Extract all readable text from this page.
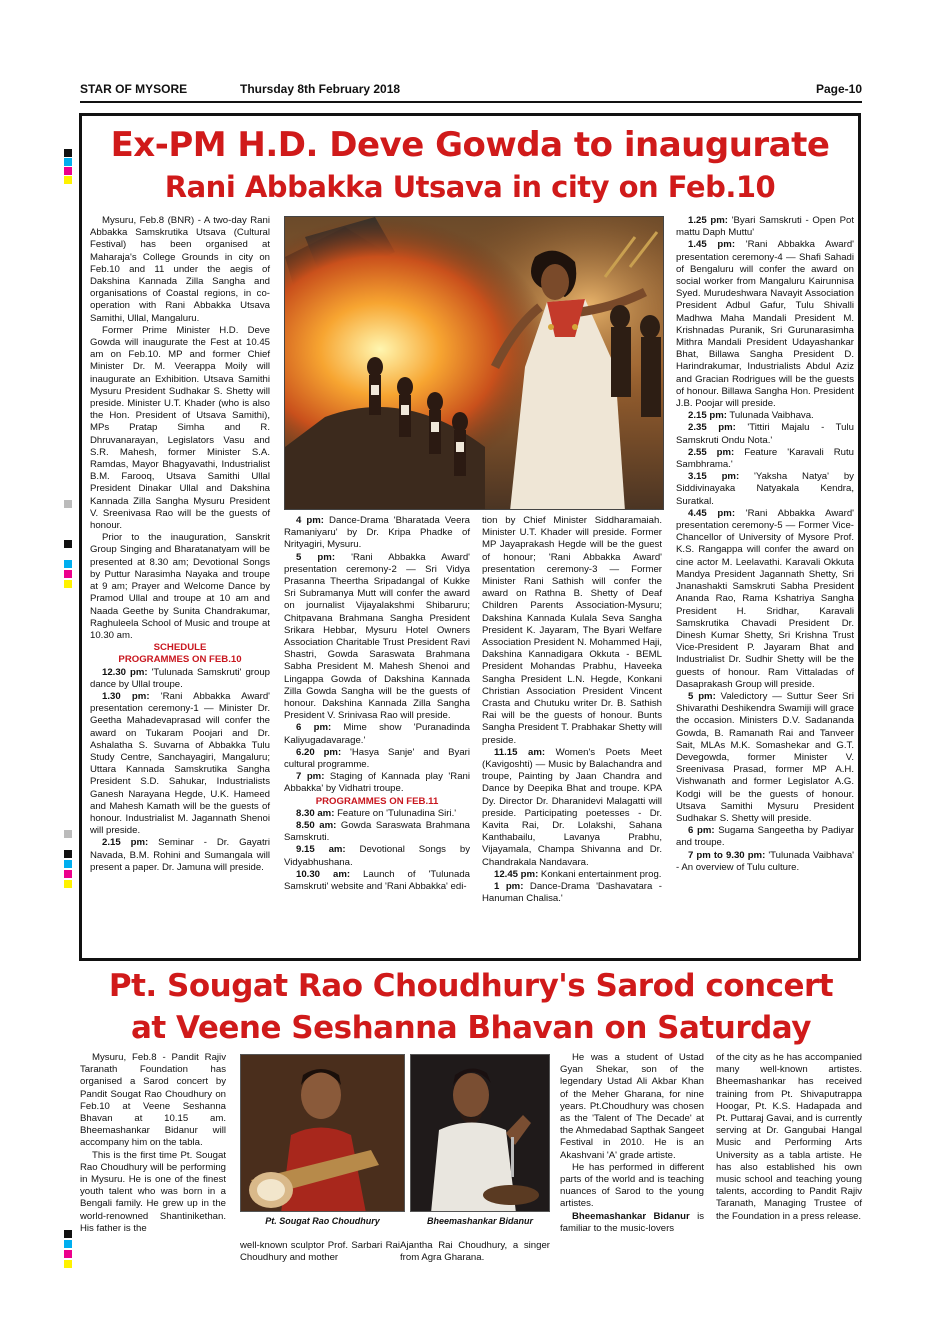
STAR OF MYSORE	Thursday 8th February 2018	Page-10
Ex-PM H.D. Deve Gowda to inaugurate
Rani Abbakka Utsava in city on Feb.10

Mysuru, Feb.8 (BNR) - A two-day Rani Abbakka Samskrutika Utsava (Cultural Festival) has been organised at Maharaja's College Grounds in city on Feb.10 and 11 under the aegis of Dakshina Kannada Zilla Sangha and organisations of Coastal regions, in co-operation with Rani Abbakka Utsava Samithi, Ullal, Mangaluru.

Former Prime Minister H.D. Deve Gowda will inaugurate the Fest at 10.45 am on Feb.10. MP and former Chief Minister Dr. M. Veerappa Moily will inaugurate an Exhibition. Utsava Samithi Mysuru President Sudhakar S. Shetty will preside. Minister U.T. Khader (who is also the Hon. President of Utsava Samithi), MPs Pratap Simha and R. Dhruvanarayan, Legislators Vasu and S.R. Mahesh, former Minister S.A. Ramdas, Mayor Bhagyavathi, Industrialist B.M. Farooq, Utsava Samithi Ullal President Dinakar Ullal and Dakshina Kannada Zilla Sangha Mysuru President V. Sreenivasa Rao will be the guests of honour.

Prior to the inauguration, Sanskrit Group Singing and Bharatanatyam will be presented at 8.30 am; Devotional Songs by Puttur Narasimha Nayaka and troupe at 9 am; Prayer and Welcome Dance by Pramod Ullal and troupe at 10 am and Naada Geethe by Sunita Chandrakumar, Raghuleela School of Music and troupe at 10.30 am.

SCHEDULE

PROGRAMMES ON FEB.10

12.30 pm: 'Tulunada Samskruti' group dance by Ullal troupe.

1.30 pm: 'Rani Abbakka Award' presentation ceremony-1 — Minister Dr. Geetha Mahadevaprasad will confer the award on Tukaram Poojari and Dr. Ashalatha S. Suvarna of Abbakka Tulu Study Centre, Sanchayagiri, Mangaluru; Uttara Kannada Samskrutika Sangha President S.D. Sahukar, Industrialists Ganesh Narayana Hegde, U.K. Hameed and Mahesh Kamath will be the guests of honour. Industrialist M. Jagannath Shenoi will preside.

2.15 pm: Seminar - Dr. Gayatri Navada, B.M. Rohini and Sumangala will present a paper. Dr. Jamuna will preside.

4 pm: Dance-Drama 'Bharatada Veera Ramaniyaru' by Dr. Kripa Phadke of Nrityagiri, Mysuru.

5 pm: 'Rani Abbakka Award' presentation ceremony-2 — Sri Vidya Prasanna Theertha Sripadangal of Kukke Sri Subramanya Mutt will confer the award on journalist Vijayalakshmi Shibaruru; Chitpavana Brahmana Sangha President Srikara Hebbar, Mysuru Hotel Owners Association Charitable Trust President Ravi Shastri, Gowda Saraswata Brahmana Sabha President M. Mahesh Shenoi and Lingappa Gowda of Dakshina Kannada Zilla Gowda Sangha will be the guests of honour. Dakshina Kannada Zilla Sangha President V. Srinivasa Rao will preside.

6 pm: Mime show 'Puranadinda Kaliyugadavarage.'

6.20 pm: 'Hasya Sanje' and Byari cultural programme.

7 pm: Staging of Kannada play 'Rani Abbakka' by Vidhatri troupe.

PROGRAMMES ON FEB.11

8.30 am: Feature on 'Tulunadina Siri.'

8.50 am: Gowda Saraswata Brahmana Samskruti.

9.15 am: Devotional Songs by Vidyabhushana.

10.30 am: Launch of 'Tulunada Samskruti' website and 'Rani Abbakka' edi-

tion by Chief Minister Siddharamaiah. Minister U.T. Khader will preside. Former MP Jayaprakash Hegde will be the guest of honour; 'Rani Abbakka Award' presentation ceremony-3 — Former Minister Rani Sathish will confer the award on Rathna B. Shetty of Deaf Children Parents Association-Mysuru; Dakshina Kannada Kulala Seva Sangha President K. Jayaram, The Byari Welfare Association President N. Mohammed Haji, Dakshina Kannadigara Okkuta - BEML President Mohandas Prabhu, Haveeka Sangha President L.N. Hegde, Konkani Christian Association President Vincent Crasta and Chutuku writer Dr. B. Sathish Rai will be the guests of honour. Bunts Sangha President T. Prabhakar Shetty will preside.

11.15 am: Women's Poets Meet (Kavigoshti) — Music by Balachandra and troupe, Painting by Jaan Chandra and Dance by Deepika Bhat and troupe. KPA Dy. Director Dr. Dharanidevi Malagatti will preside. Participating poetesses - Dr. Kavita Rai, Dr. Lolakshi, Sahana Kanthabailu, Lavanya Prabhu, Vijayamala, Champa Shivanna and Dr. Chandrakala Nandavara.

12.45 pm: Konkani entertainment prog.

1 pm: Dance-Drama 'Dashavatara - Hanuman Chalisa.'

1.25 pm: 'Byari Samskruti - Open Pot mattu Daph Muttu'

1.45 pm: 'Rani Abbakka Award' presentation ceremony-4 — Shafi Sahadi of Bengaluru will confer the award on social worker from Mangaluru Kairunnisa Syed. Murudeshwara Navayit Association President Adbul Gafur, Tulu Shivalli Madhwa Maha Mandali President M. Krishnadas Puranik, Sri Gurunarasimha Mithra Mandali President Udayashankar Bhat, Billawa Sangha President D. Harindrakumar, Industrialists Abdul Aziz and Gracian Rodrigues will be the guests of honour. Billawa Sangha Hon. President J.B. Poojar will preside.

2.15 pm: Tulunada Vaibhava.

2.35 pm: 'Tittiri Majalu - Tulu Samskruti Ondu Nota.'

2.55 pm: Feature 'Karavali Rutu Sambhrama.'

3.15 pm: 'Yaksha Natya' by Siddivinayaka Natyakala Kendra, Suratkal.

4.45 pm: 'Rani Abbakka Award' presentation ceremony-5 — Former Vice-Chancellor of University of Mysore Prof. K.S. Rangappa will confer the award on cine actor M. Leelavathi. Karavali Okkuta Mandya President Jagannath Shetty, Sri Jnanashakti Samskruti Sabha President Ananda Rao, Rama Kshatriya Sangha President H. Sridhar, Karavali Samskrutika Chavadi President Dr. Dinesh Kumar Shetty, Sri Krishna Trust Vice-President P. Jayaram Bhat and Industrialist Dr. Sudhir Shetty will be the guests of honour. Ram Vittaladas of Dasaprakash Group will preside.

5 pm: Valedictory — Suttur Seer Sri Shivarathi Deshikendra Swamiji will grace the occasion. Ministers D.V. Sadananda Gowda, B. Ramanath Rai and Tanveer Sait, MLAs M.K. Somashekar and G.T. Devegowda, former Minister V. Sreenivasa Prasad, former MP A.H. Vishwanath and former Legislator A.G. Kodgi will be the guests of honour. Utsava Samithi Mysuru President Sudhakar S. Shetty will preside.

6 pm: Sugama Sangeetha by Padiyar and troupe.

7 pm to 9.30 pm: 'Tulunada Vaibhava' - An overview of Tulu culture.

Pt. Sougat Rao Choudhury's Sarod concert
at Veene Seshanna Bhavan on Saturday

Mysuru, Feb.8 - Pandit Rajiv Taranath Foundation has organised a Sarod concert by Pandit Sougat Rao Choudhury on Feb.10 at Veene Seshanna Bhavan at 10.15 am. Bheemashankar Bidanur will accompany him on the tabla.

This is the first time Pt. Sougat Rao Choudhury will be performing in Mysuru. He is one of the finest youth talent who was born in a Bengali family. He grew up in the world-renowned Shantinikethan. His father is the

Pt. Sougat Rao Choudhury	Bheemashankar Bidanur

well-known sculptor Prof. Sarbari Rai Choudhury and mother

Ajantha Rai Choudhury, a singer from Agra Gharana.

He was a student of Ustad Gyan Shekar, son of the legendary Ustad Ali Akbar Khan of the Meher Gharana, for nine years. Pt.Choudhury was chosen as the 'Talent of The Decade' at the Ahmedabad Sapthak Sangeet Festival in 2010. He is an Akashvani 'A' grade artiste.

He has performed in different parts of the world and is teaching nuances of Sarod to the young artistes.

Bheemashankar Bidanur is familiar to the music-lovers

of the city as he has accompanied many well-known artistes. Bheemashankar has received training from Pt. Shivaputrappa Hoogar, Pt. K.S. Hadapada and Pt. Puttaraj Gavai, and is currently serving at Dr. Gangubai Hangal Music and Performing Arts University as a tabla artiste. He has also established his own music school and teaching young talents, according to Pandit Rajiv Taranath, Managing Trustee of the Foundation in a press release.
